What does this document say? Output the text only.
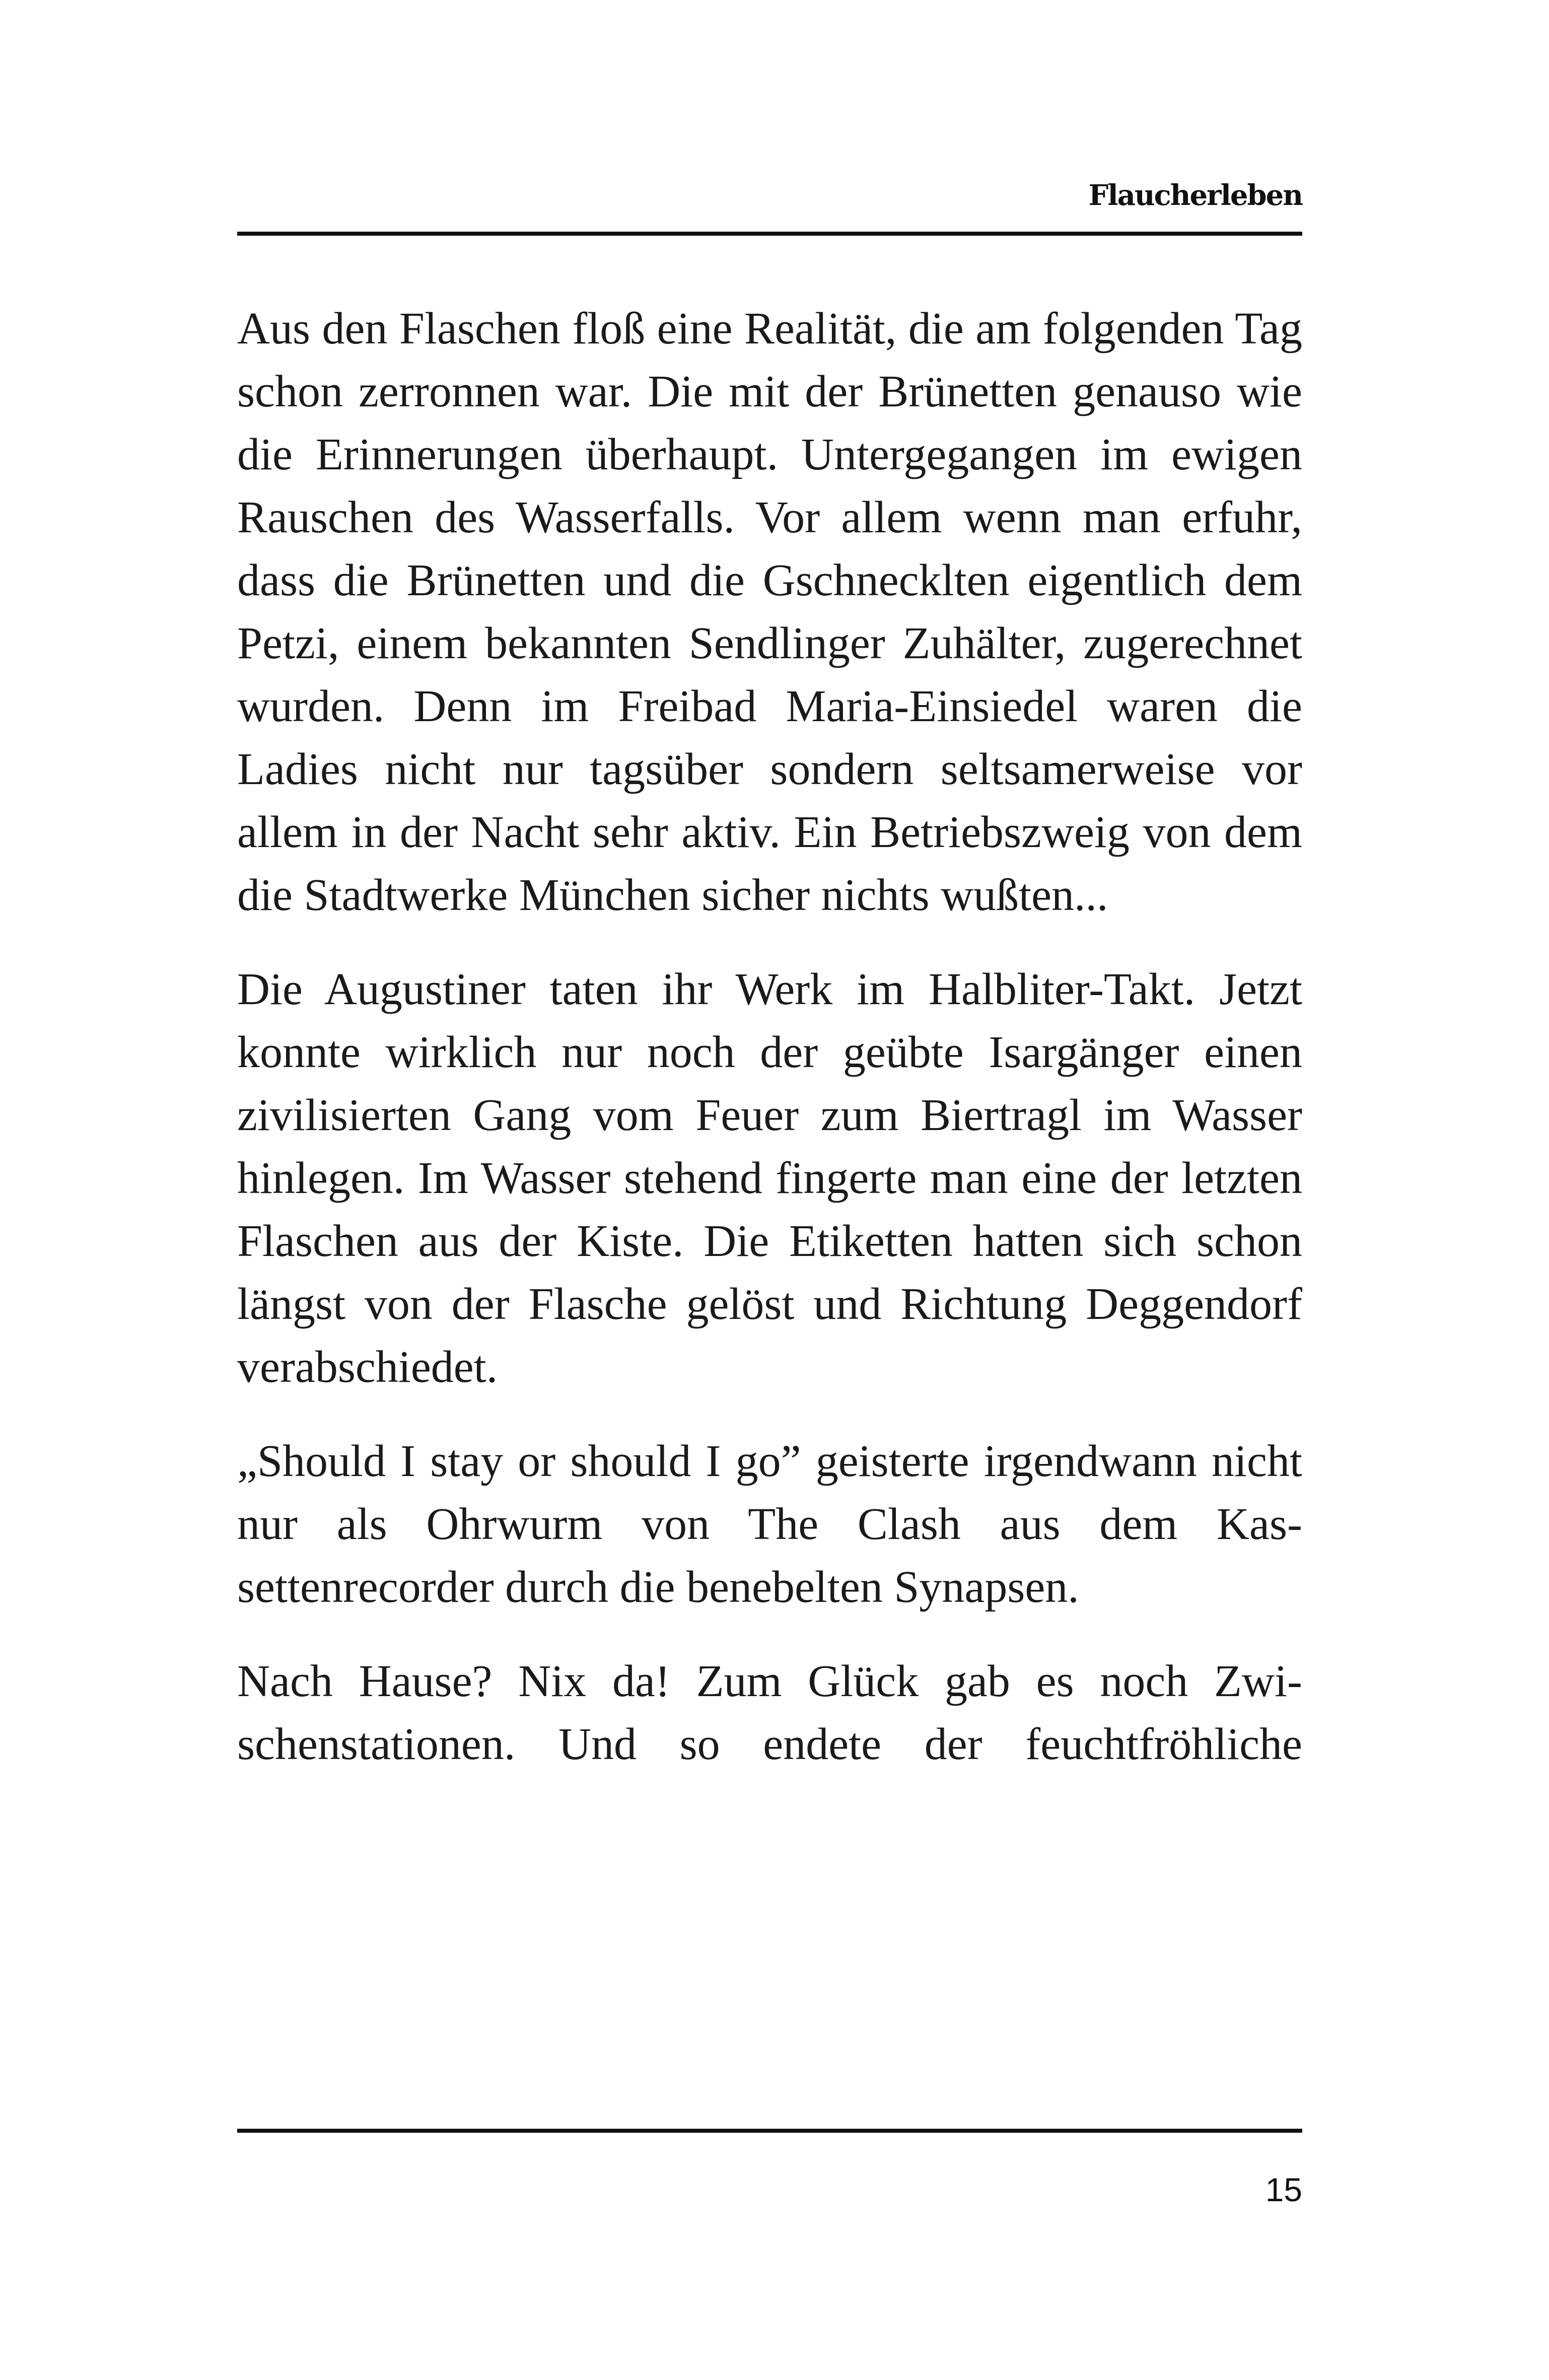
Flaucherleben

Aus den Flaschen floß eine Realität, die am folgenden Tag schon zerronnen war. Die mit der Brünetten genauso wie die Erinnerungen überhaupt. Untergegangen im ewigen Rauschen des Wasserfalls. Vor allem wenn man erfuhr, dass die Brünetten und die Gschnecklten eigentlich dem Petzi, einem bekannten Sendlinger Zuhälter, zugerechnet wurden. Denn im Freibad Maria-Einsiedel waren die Ladies nicht nur tagsüber sondern seltsamerweise vor allem in der Nacht sehr aktiv. Ein Betriebszweig von dem die Stadtwerke München sicher nichts wußten...

Die Augustiner taten ihr Werk im Halbliter-Takt. Jetzt konnte wirklich nur noch der geübte Isargänger einen zivilisierten Gang vom Feuer zum Biertragl im Wasser hinlegen. Im Wasser stehend fingerte man eine der letzten Flaschen aus der Kiste. Die Etiketten hatten sich schon längst von der Flasche gelöst und Richtung Deggendorf verabschiedet.

„Should I stay or should I go” geisterte irgendwann nicht nur als Ohrwurm von The Clash aus dem Kassettenrecorder durch die benebelten Synapsen.

Nach Hause? Nix da! Zum Glück gab es noch Zwischenstationen. Und so endete der feuchtfröhliche

15
